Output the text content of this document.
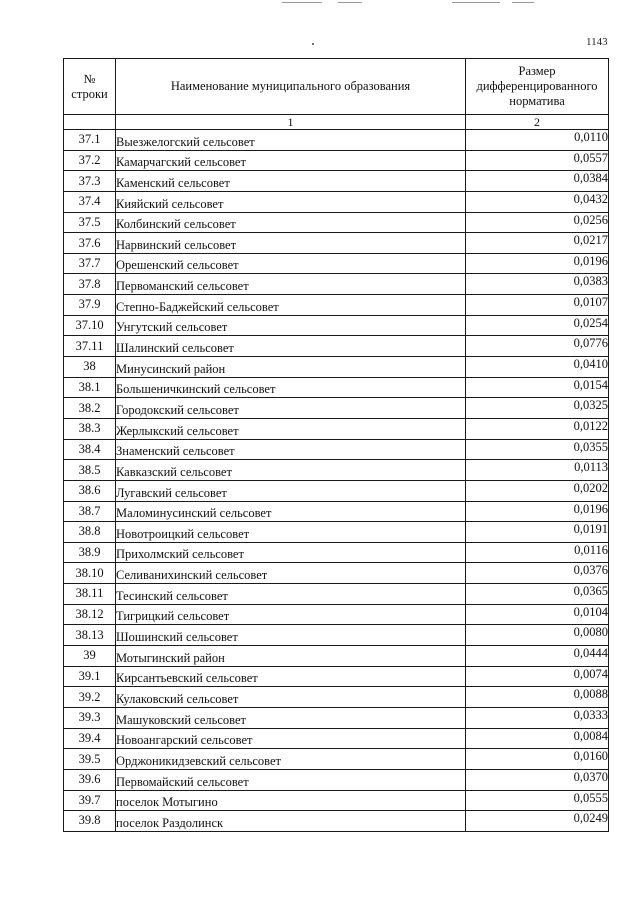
1143
№ строки	Наименование муниципального образования	Размер дифференцированного норматива
	1	2
37.1	Выезжелогский сельсовет	0,0110
37.2	Камарчагский сельсовет	0,0557
37.3	Каменский сельсовет	0,0384
37.4	Кияйский сельсовет	0,0432
37.5	Колбинский сельсовет	0,0256
37.6	Нарвинский сельсовет	0,0217
37.7	Орешенский сельсовет	0,0196
37.8	Первоманский сельсовет	0,0383
37.9	Степно-Баджейский сельсовет	0,0107
37.10	Унгутский сельсовет	0,0254
37.11	Шалинский сельсовет	0,0776
38	Минусинский район	0,0410
38.1	Большеничкинский сельсовет	0,0154
38.2	Городокский сельсовет	0,0325
38.3	Жерлыкский сельсовет	0,0122
38.4	Знаменский сельсовет	0,0355
38.5	Кавказский сельсовет	0,0113
38.6	Лугавский сельсовет	0,0202
38.7	Маломинусинский сельсовет	0,0196
38.8	Новотроицкий сельсовет	0,0191
38.9	Прихолмский сельсовет	0,0116
38.10	Селиванихинский сельсовет	0,0376
38.11	Тесинский сельсовет	0,0365
38.12	Тигрицкий сельсовет	0,0104
38.13	Шошинский сельсовет	0,0080
39	Мотыгинский район	0,0444
39.1	Кирсантьевский сельсовет	0,0074
39.2	Кулаковский сельсовет	0,0088
39.3	Машуковский сельсовет	0,0333
39.4	Новоангарский сельсовет	0,0084
39.5	Орджоникидзевский сельсовет	0,0160
39.6	Первомайский сельсовет	0,0370
39.7	поселок Мотыгино	0,0555
39.8	поселок Раздолинск	0,0249
